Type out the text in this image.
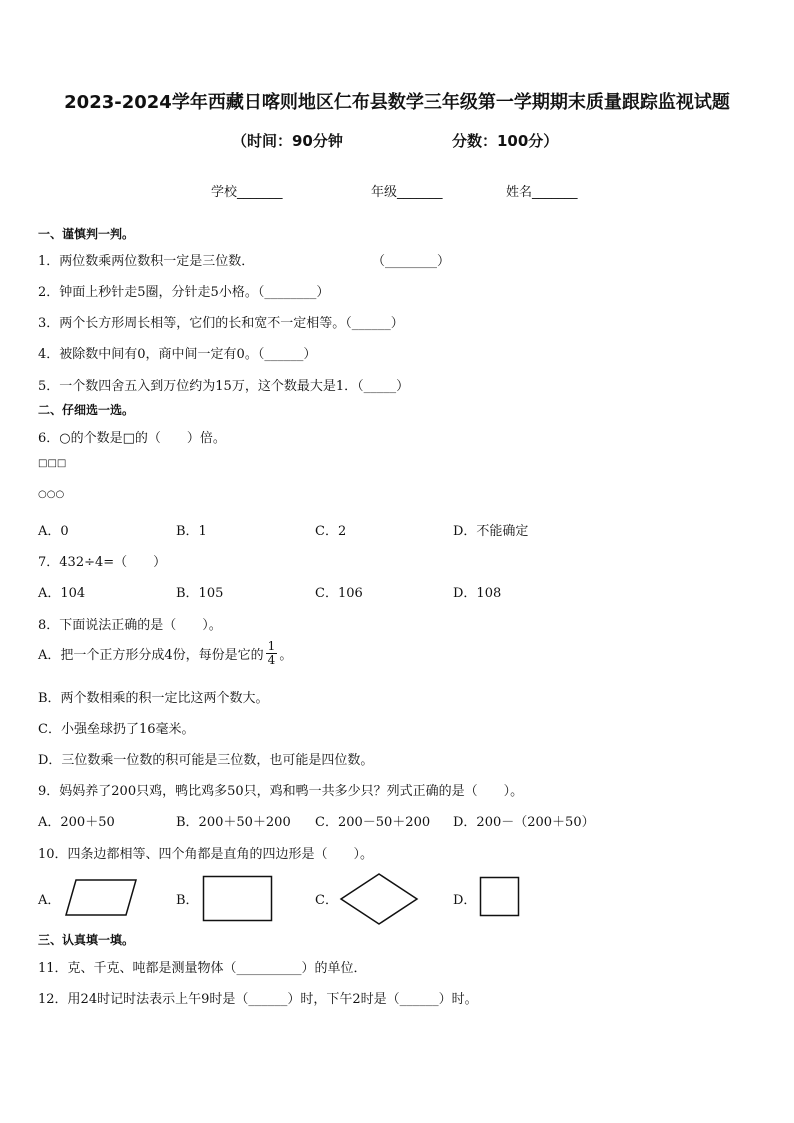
2023-2024学年西藏日喀则地区仁布县数学三年级第一学期期末质量跟踪监视试题
（时间：90分钟	分数：100分）
学校_______	年级_______	姓名_______
一、谨慎判一判。
1．两位数乘两位数积一定是三位数．	（________）
2．钟面上秒针走5圈，分针走5小格。（________）
3．两个长方形周长相等，它们的长和宽不一定相等。（______）
4．被除数中间有0，商中间一定有0。（______）
5．一个数四舍五入到万位约为15万，这个数最大是1．（_____）
二、仔细选一选。
6．○的个数是□的（　　）倍。
□□□
○○○
A．0	B．1	C．2	D．不能确定
7．432÷4=（　　）
A．104	B．105	C．106	D．108
8．下面说法正确的是（　　）。
A．把一个正方形分成4份，每份是它的 $\frac{1}{4}$ 。
B．两个数相乘的积一定比这两个数大。
C．小强垒球扔了16毫米。
D．三位数乘一位数的积可能是三位数，也可能是四位数。
9．妈妈养了200只鸡，鸭比鸡多50只，鸡和鸭一共多少只？列式正确的是（　　）。
A．200＋50	B．200＋50＋200 C．200－50＋200 D．200－（200＋50）
10．四条边都相等、四个角都是直角的四边形是（　　）。
A．	B．	C．	D．
三、认真填一填。
11．克、千克、吨都是测量物体（__________）的单位．
12．用24时记时法表示上午9时是（______）时，下午2时是（______）时。
